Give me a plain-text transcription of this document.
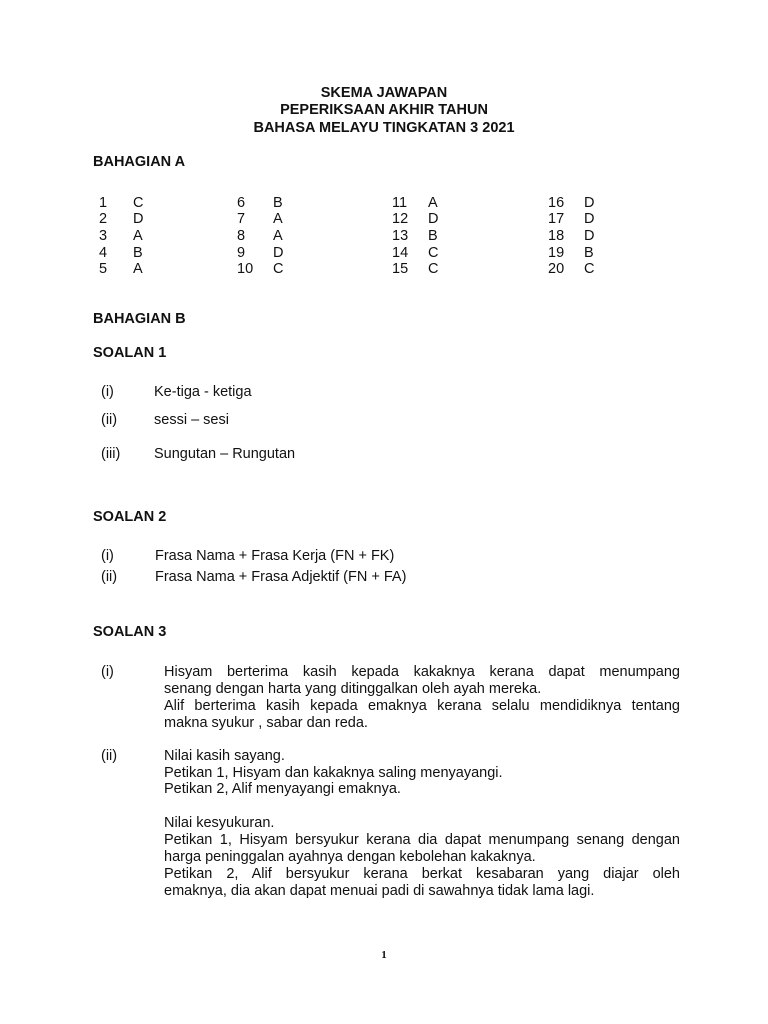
SKEMA JAWAPAN
PEPERIKSAAN AKHIR TAHUN
BAHASA MELAYU TINGKATAN 3 2021
BAHAGIAN A
1 C
2 D
3 A
4 B
5 A
6 B
7 A
8 A
9 D
10 C
11 A
12 D
13 B
14 C
15 C
16 D
17 D
18 D
19 B
20 C
BAHAGIAN B
SOALAN 1
(i)	Ke-tiga - ketiga
(ii)	sessi – sesi
(iii) Sungutan – Rungutan
SOALAN 2
(i)	Frasa Nama + Frasa Kerja (FN + FK)
(ii)	Frasa Nama + Frasa Adjektif (FN + FA)
SOALAN 3
(i)	Hisyam berterima kasih kepada kakaknya kerana dapat menumpang
senang dengan harta yang ditinggalkan oleh ayah mereka.
Alif berterima kasih kepada emaknya kerana selalu mendidiknya tentang
makna syukur , sabar dan reda.
(ii)	Nilai kasih sayang.
Petikan 1, Hisyam dan kakaknya saling menyayangi.
Petikan 2, Alif menyayangi emaknya.
Nilai kesyukuran.
Petikan 1, Hisyam bersyukur kerana dia dapat menumpang senang dengan
harga peninggalan ayahnya dengan kebolehan kakaknya.
Petikan 2, Alif bersyukur kerana berkat kesabaran yang diajar oleh
emaknya, dia akan dapat menuai padi di sawahnya tidak lama lagi.
1
